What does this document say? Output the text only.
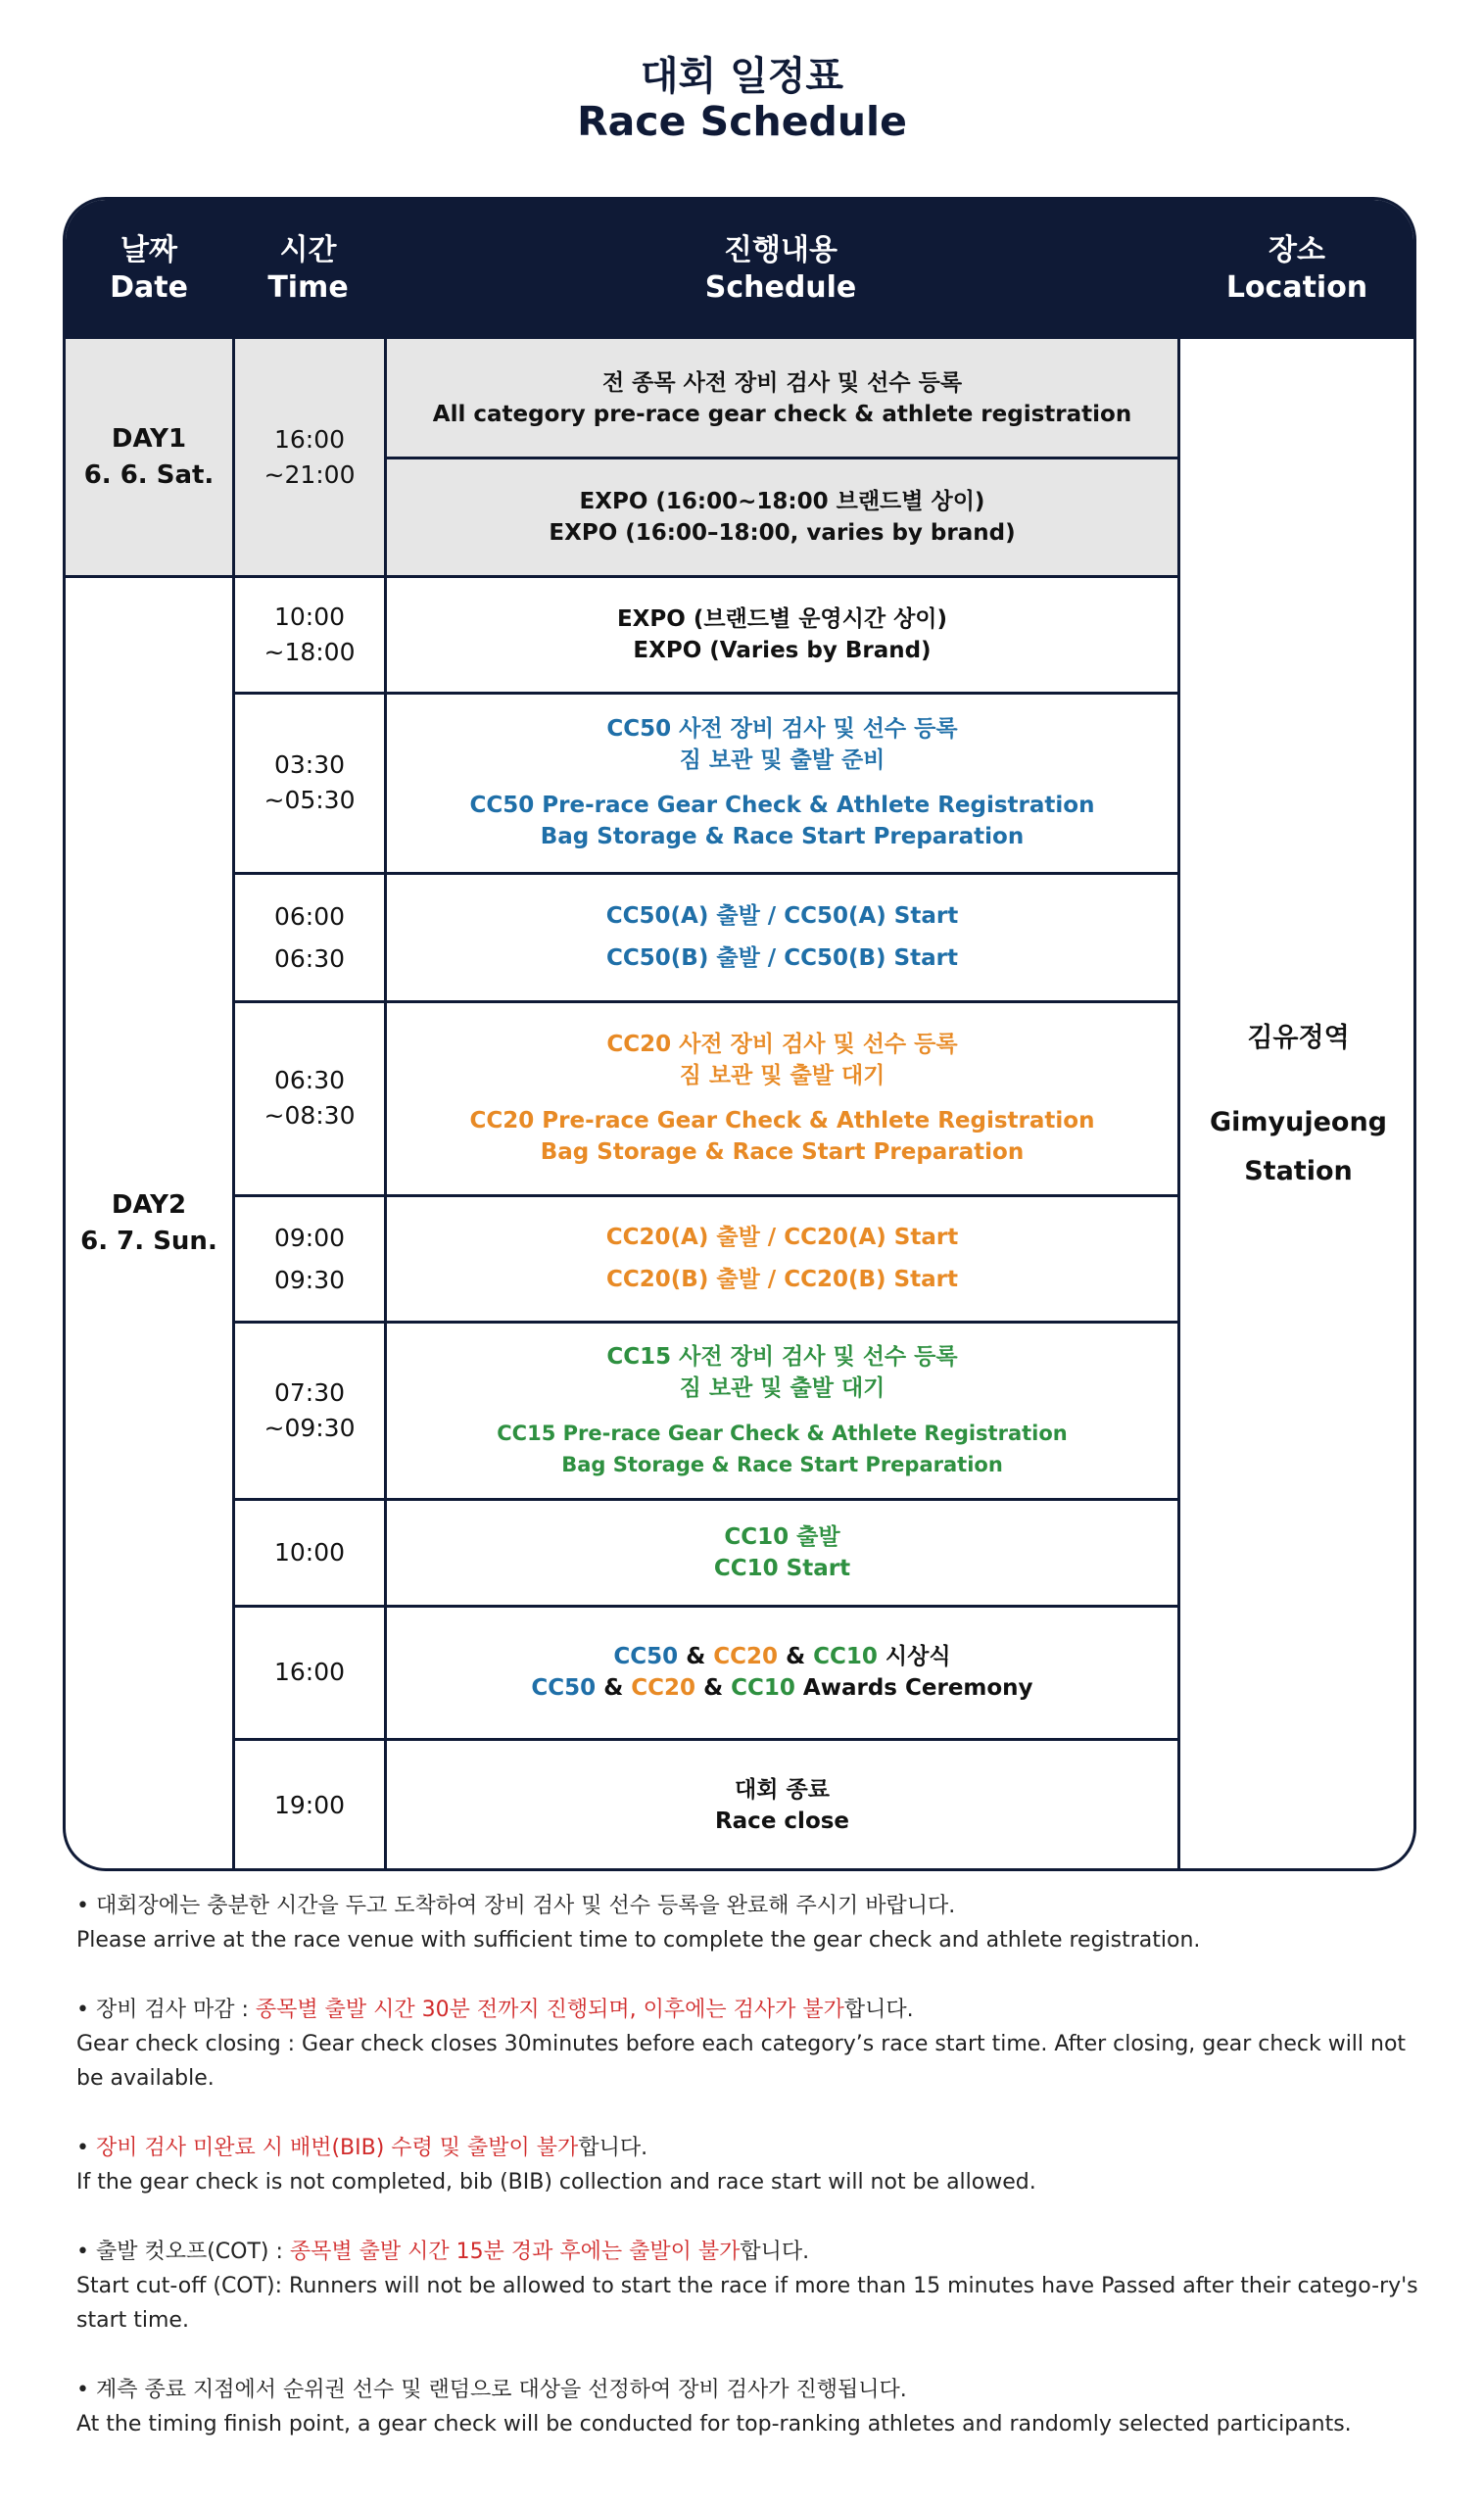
대회 일정표
Race Schedule
날짜
Date
시간
Time
진행내용
Schedule
장소
Location
DAY1
6. 6. Sat.
DAY2
6. 7. Sun.
16:00
~21:00
10:00
~18:00
03:30
~05:30
06:00
06:30
06:30
~08:30
09:00
09:30
07:30
~09:30
10:00
16:00
19:00
전 종목 사전 장비 검사 및 선수 등록
All category pre-race gear check & athlete registration
EXPO (16:00~18:00 브랜드별 상이)
EXPO (16:00–18:00, varies by brand)
EXPO (브랜드별 운영시간 상이)
EXPO (Varies by Brand)
CC50 사전 장비 검사 및 선수 등록
짐 보관 및 출발 준비
CC50 Pre-race Gear Check & Athlete Registration
Bag Storage & Race Start Preparation
CC50(A) 출발 / CC50(A) Start
CC50(B) 출발 / CC50(B) Start
CC20 사전 장비 검사 및 선수 등록
짐 보관 및 출발 대기
CC20 Pre-race Gear Check & Athlete Registration
Bag Storage & Race Start Preparation
CC20(A) 출발 / CC20(A) Start
CC20(B) 출발 / CC20(B) Start
CC15 사전 장비 검사 및 선수 등록
짐 보관 및 출발 대기
CC15 Pre-race Gear Check & Athlete Registration
Bag Storage & Race Start Preparation
CC10 출발
CC10 Start
CC50 & CC20 & CC10 시상식
CC50 & CC20 & CC10 Awards Ceremony
대회 종료
Race close
김유정역
Gimyujeong
Station
• 대회장에는 충분한 시간을 두고 도착하여 장비 검사 및 선수 등록을 완료해 주시기 바랍니다.
Please arrive at the race venue with sufficient time to complete the gear check and athlete registration.
• 장비 검사 마감 : 종목별 출발 시간 30분 전까지 진행되며, 이후에는 검사가 불가합니다.
Gear check closing : Gear check closes 30minutes before each category’s race start time. After closing, gear check will not be available.
• 장비 검사 미완료 시 배번(BIB) 수령 및 출발이 불가합니다.
If the gear check is not completed, bib (BIB) collection and race start will not be allowed.
• 출발 컷오프(COT) : 종목별 출발 시간 15분 경과 후에는 출발이 불가합니다.
Start cut-off (COT): Runners will not be allowed to start the race if more than 15 minutes have Passed after their catego-ry's start time.
• 계측 종료 지점에서 순위권 선수 및 랜덤으로 대상을 선정하여 장비 검사가 진행됩니다.
At the timing finish point, a gear check will be conducted for top-ranking athletes and randomly selected participants.
